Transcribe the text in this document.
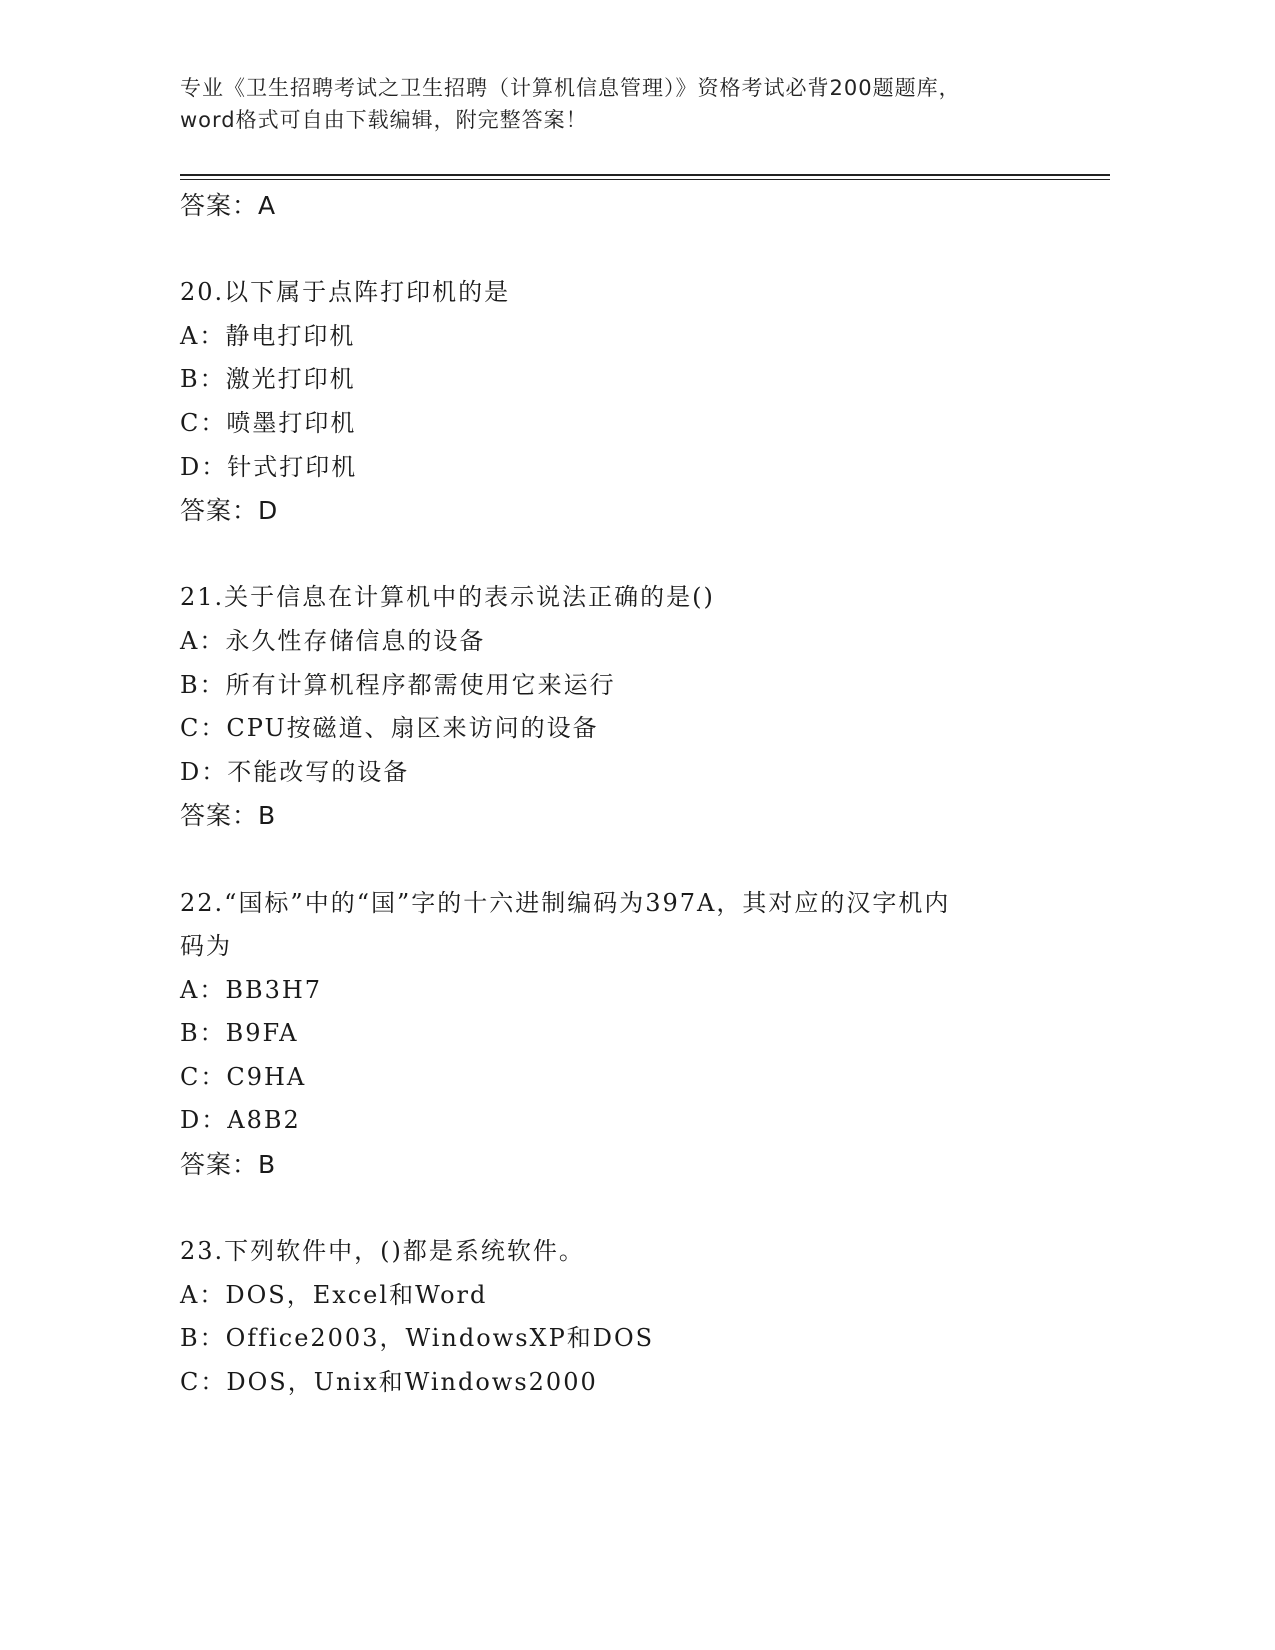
专业《卫生招聘考试之卫生招聘（计算机信息管理）》资格考试必背200题题库，
word格式可自由下载编辑，附完整答案！
答案：A
20.以下属于点阵打印机的是
A：静电打印机
B：激光打印机
C：喷墨打印机
D：针式打印机
答案：D
21.关于信息在计算机中的表示说法正确的是()
A：永久性存储信息的设备
B：所有计算机程序都需使用它来运行
C：CPU按磁道、扇区来访问的设备
D：不能改写的设备
答案：B
22.“国标”中的“国”字的十六进制编码为397A，其对应的汉字机内
码为
A：BB3H7
B：B9FA
C：C9HA
D：A8B2
答案：B
23.下列软件中，()都是系统软件。
A：DOS，Excel和Word
B：Office2003，WindowsXP和DOS
C：DOS，Unix和Windows2000
